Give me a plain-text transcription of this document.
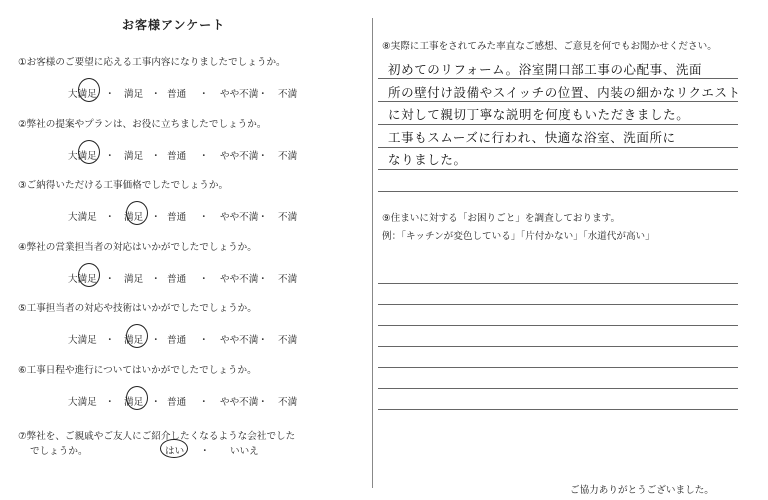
お客様アンケート
①お客様のご要望に応える工事内容になりましたでしょうか。
大満足	満足 普通	やや不満 不満
・	・	・	・
②弊社の提案やプランは、お役に立ちましたでしょうか。
大満足	満足 普通	やや不満 不満
・	・	・	・
③ご納得いただける工事価格でしたでしょうか。
大満足	満足 普通	やや不満 不満
・	・	・	・
④弊社の営業担当者の対応はいかがでしたでしょうか。
大満足	満足 普通	やや不満 不満
・	・	・	・
⑤工事担当者の対応や技術はいかがでしたでしょうか。
大満足	満足 普通	やや不満 不満
・	・	・	・
⑥工事日程や進行についてはいかがでしたでしょうか。
大満足	満足 普通	やや不満 不満
・	・	・	・
⑦弊社を、ご親戚やご友人にご紹介したくなるような会社でした
でしょうか。	はい ・ いいえ
⑧実際に工事をされてみた率直なご感想、ご意見を何でもお聞かせください。
初めてのリフォーム。浴室開口部工事の心配事、洗面
所の壁付け設備やスイッチの位置、内装の細かなリクエスト
に対して親切丁寧な説明を何度もいただきました。
工事もスムーズに行われ、快適な浴室、洗面所に
なりました。
⑨住まいに対する「お困りごと」を調査しております。
例：「キッチンが変色している」「片付かない」「水道代が高い」
ご協力ありがとうございました。
